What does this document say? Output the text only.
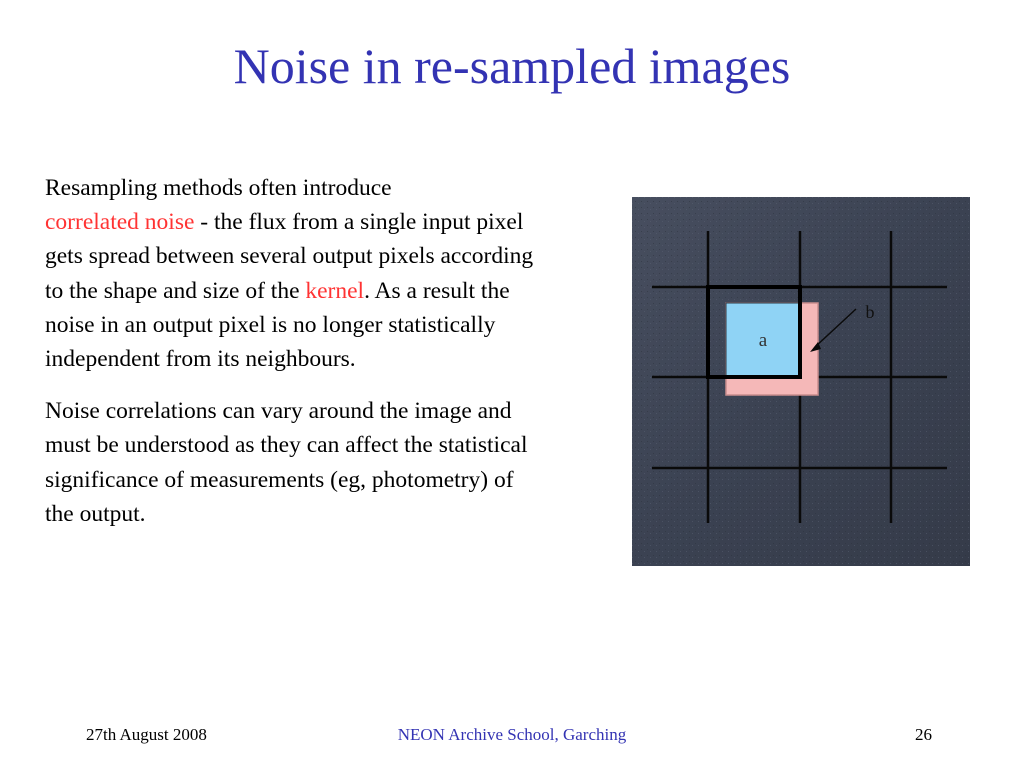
Noise in re-sampled images

Resampling methods often introduce
correlated noise - the flux from a single input pixel gets spread between several output pixels according to the shape and size of the kernel. As a result the noise in an output pixel is no longer statistically independent from its neighbours.

Noise correlations can vary around the image and must be understood as they can affect the statistical significance of measurements (eg, photometry) of the output.

a
b
27th August 2008	NEON Archive School, Garching	26
